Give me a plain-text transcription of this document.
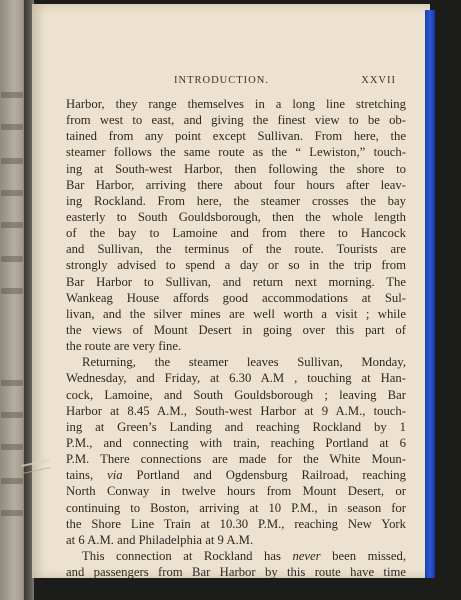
INTRODUCTION.	XXVII
Harbor, they range themselves in a long line stretching
from west to east, and giving the finest view to be ob-
tained from any point except Sullivan. From here, the
steamer follows the same route as the “ Lewiston,” touch-
ing at South-west Harbor, then following the shore to
Bar Harbor, arriving there about four hours after leav-
ing Rockland. From here, the steamer crosses the bay
easterly to South Gouldsborough, then the whole length
of the bay to Lamoine and from there to Hancock
and Sullivan, the terminus of the route. Tourists are
strongly advised to spend a day or so in the trip from
Bar Harbor to Sullivan, and return next morning. The
Wankeag House affords good accommodations at Sul-
livan, and the silver mines are well worth a visit ; while
the views of Mount Desert in going over this part of
the route are very fine.
Returning, the steamer leaves Sullivan, Monday,
Wednesday, and Friday, at 6.30 A.M , touching at Han-
cock, Lamoine, and South Gouldsborough ; leaving Bar
Harbor at 8.45 A.M., South-west Harbor at 9 A.M., touch-
ing at Green’s Landing and reaching Rockland by 1
P.M., and connecting with train, reaching Portland at 6
P.M. There connections are made for the White Moun-
tains, via Portland and Ogdensburg Railroad, reaching
North Conway in twelve hours from Mount Desert, or
continuing to Boston, arriving at 10 P.M., in season for
the Shore Line Train at 10.30 P.M., reaching New York
at 6 A.M. and Philadelphia at 9 A.M.
This connection at Rockland has never been missed,
and passengers from Bar Harbor by this route have time
